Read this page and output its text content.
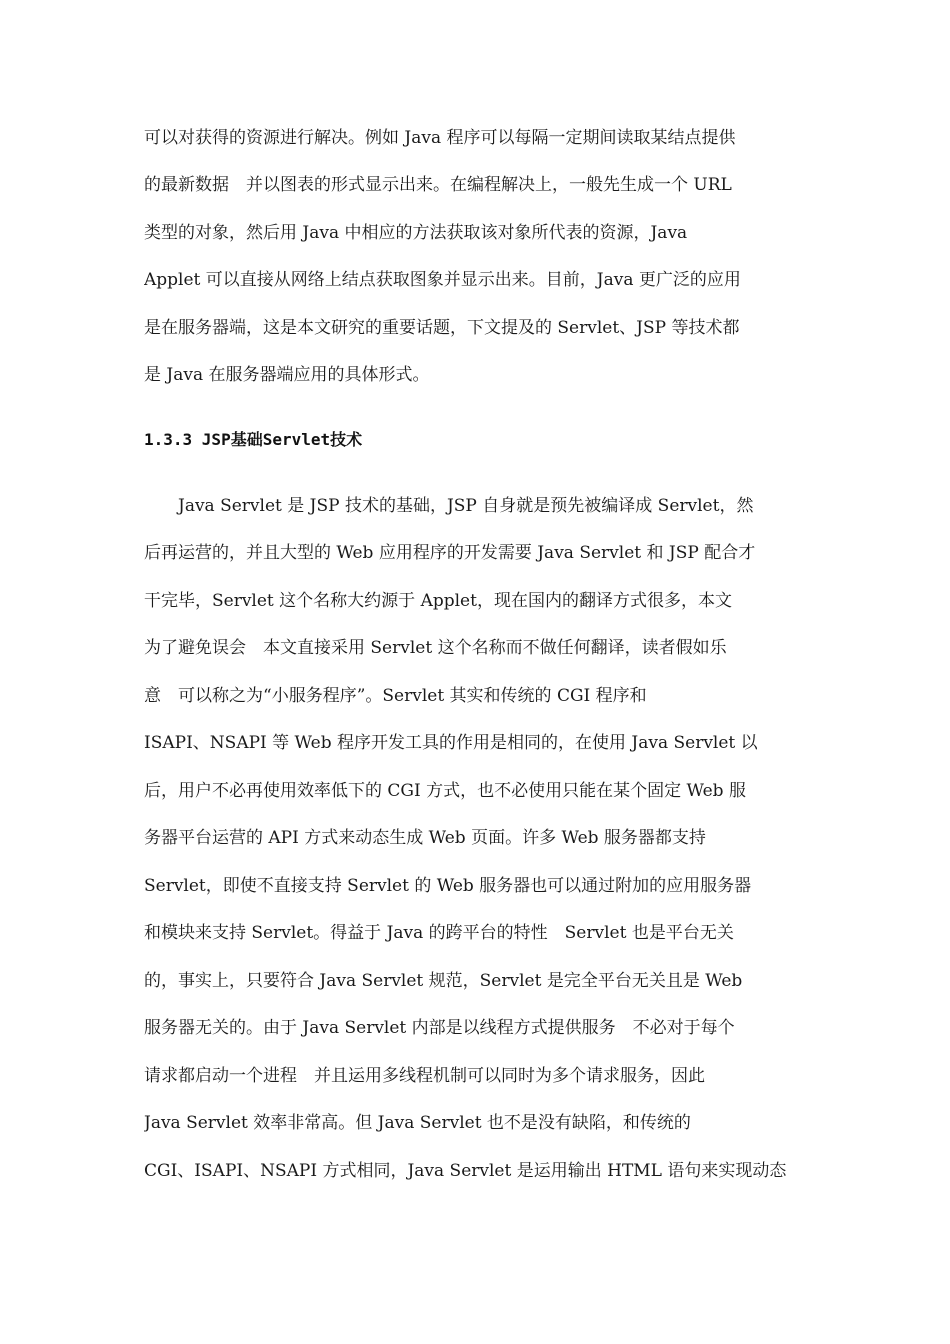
可以对获得的资源进行解决。例如 Java 程序可以每隔一定期间读取某结点提供
的最新数据　并以图表的形式显示出来。在编程解决上，一般先生成一个 URL
类型的对象，然后用 Java 中相应的方法获取该对象所代表的资源，Java
Applet 可以直接从网络上结点获取图象并显示出来。目前，Java 更广泛的应用
是在服务器端，这是本文研究的重要话题，下文提及的 Servlet、JSP 等技术都
是 Java 在服务器端应用的具体形式。
1.3.3 JSP基础Servlet技术
　　Java Servlet 是 JSP 技术的基础，JSP 自身就是预先被编译成 Servlet，然
后再运营的，并且大型的 Web 应用程序的开发需要 Java Servlet 和 JSP 配合才
干完毕，Servlet 这个名称大约源于 Applet，现在国内的翻译方式很多，本文
为了避免误会　本文直接采用 Servlet 这个名称而不做任何翻译，读者假如乐
意　可以称之为“小服务程序”。Servlet 其实和传统的 CGI 程序和
ISAPI、NSAPI 等 Web 程序开发工具的作用是相同的，在使用 Java Servlet 以
后，用户不必再使用效率低下的 CGI 方式，也不必使用只能在某个固定 Web 服
务器平台运营的 API 方式来动态生成 Web 页面。许多 Web 服务器都支持
Servlet，即使不直接支持 Servlet 的 Web 服务器也可以通过附加的应用服务器
和模块来支持 Servlet。得益于 Java 的跨平台的特性　Servlet 也是平台无关
的，事实上，只要符合 Java Servlet 规范，Servlet 是完全平台无关且是 Web
服务器无关的。由于 Java Servlet 内部是以线程方式提供服务　不必对于每个
请求都启动一个进程　并且运用多线程机制可以同时为多个请求服务，因此
Java Servlet 效率非常高。但 Java Servlet 也不是没有缺陷，和传统的
CGI、ISAPI、NSAPI 方式相同，Java Servlet 是运用输出 HTML 语句来实现动态
